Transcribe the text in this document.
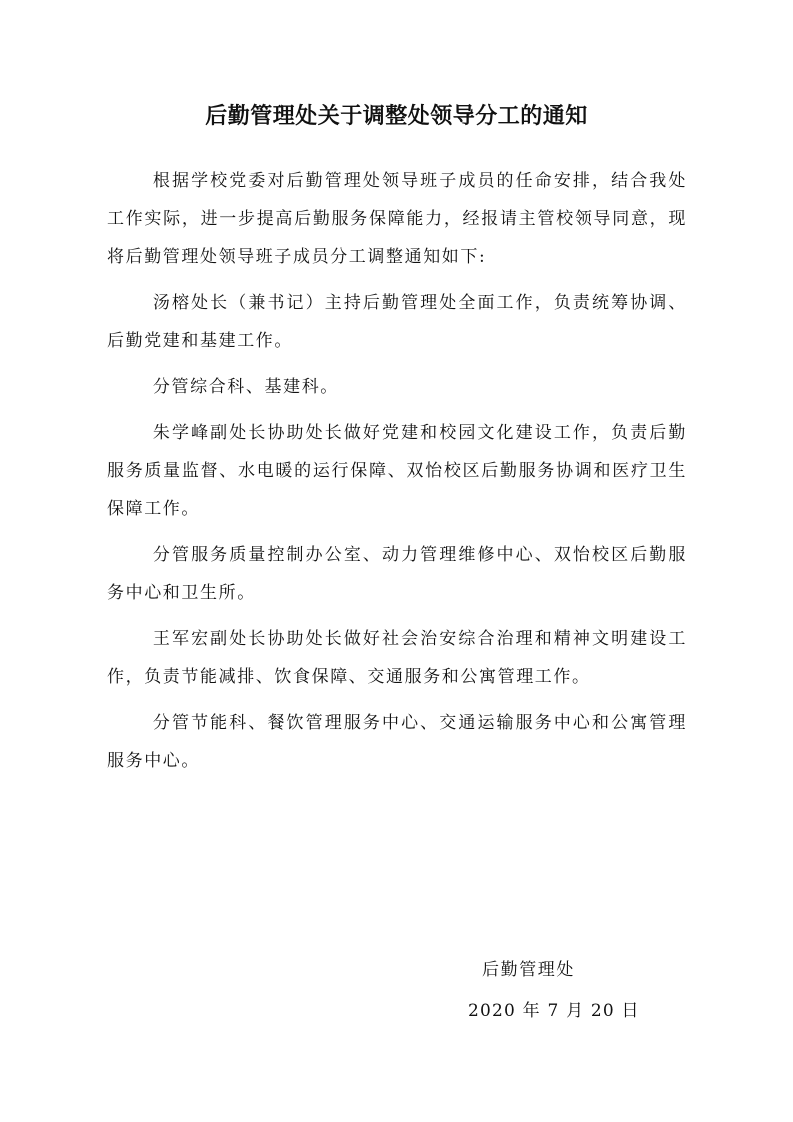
后勤管理处关于调整处领导分工的通知

根据学校党委对后勤管理处领导班子成员的任命安排，结合我处工作实际，进一步提高后勤服务保障能力，经报请主管校领导同意，现将后勤管理处领导班子成员分工调整通知如下:

汤榕处长（兼书记）主持后勤管理处全面工作，负责统筹协调、后勤党建和基建工作。

分管综合科、基建科。

朱学峰副处长协助处长做好党建和校园文化建设工作，负责后勤服务质量监督、水电暖的运行保障、双怡校区后勤服务协调和医疗卫生保障工作。

分管服务质量控制办公室、动力管理维修中心、双怡校区后勤服务中心和卫生所。

王军宏副处长协助处长做好社会治安综合治理和精神文明建设工作，负责节能减排、饮食保障、交通服务和公寓管理工作。

分管节能科、餐饮管理服务中心、交通运输服务中心和公寓管理服务中心。

后勤管理处
2020 年 7 月 20 日
